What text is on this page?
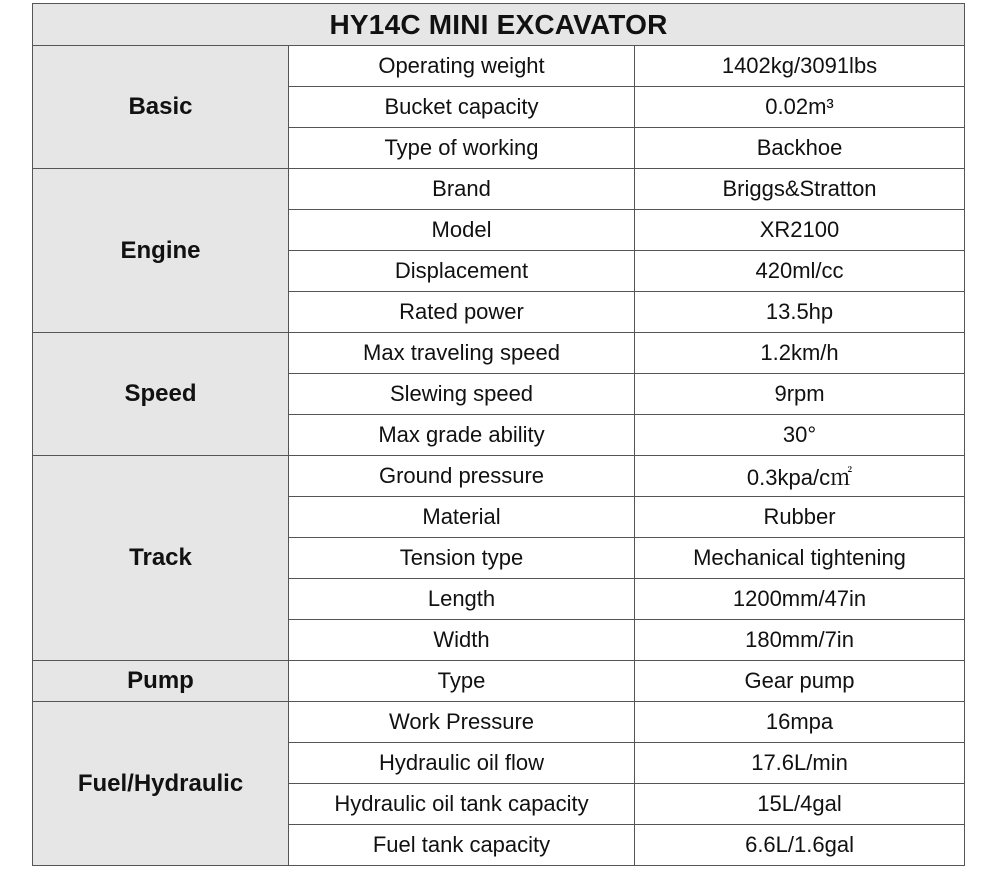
HY14C MINI EXCAVATOR		
Basic	Operating weight	1402kg/3091lbs
	Bucket capacity	0.02m³
	Type of working	Backhoe
Engine	Brand	Briggs&Stratton
	Model	XR2100
	Displacement	420ml/cc
	Rated power	13.5hp
Speed	Max traveling speed	1.2km/h
	Slewing speed	9rpm
	Max grade ability	30°
Track	Ground pressure	0.3kpa/c㎡
	Material	Rubber
	Tension type	Mechanical tightening
	Length	1200mm/47in
	Width	180mm/7in
Pump	Type	Gear pump
Fuel/Hydraulic	Work Pressure	16mpa
	Hydraulic oil flow	17.6L/min
	Hydraulic oil tank capacity	15L/4gal
	Fuel tank capacity	6.6L/1.6gal
